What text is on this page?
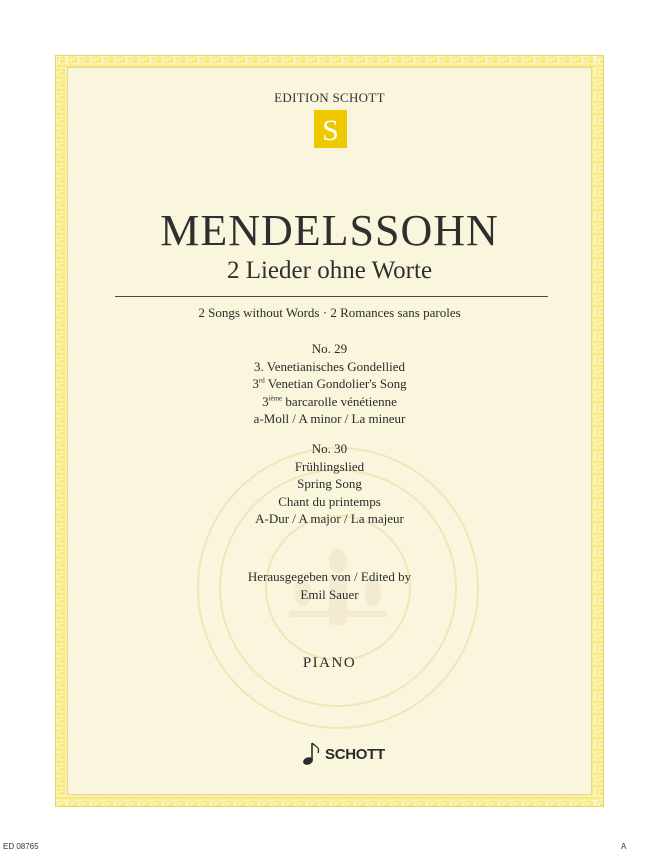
EDITION SCHOTT
S
MENDELSSOHN
2 Lieder ohne Worte
2 Songs without Words · 2 Romances sans paroles
No. 29
3. Venetianisches Gondellied
3rd Venetian Gondolier's Song
3ième barcarolle vénétienne
a-Moll / A minor / La mineur
No. 30
Frühlingslied
Spring Song
Chant du printemps
A-Dur / A major / La majeur
Herausgegeben von / Edited by
Emil Sauer
PIANO
SCHOTT
ED 08765	A
